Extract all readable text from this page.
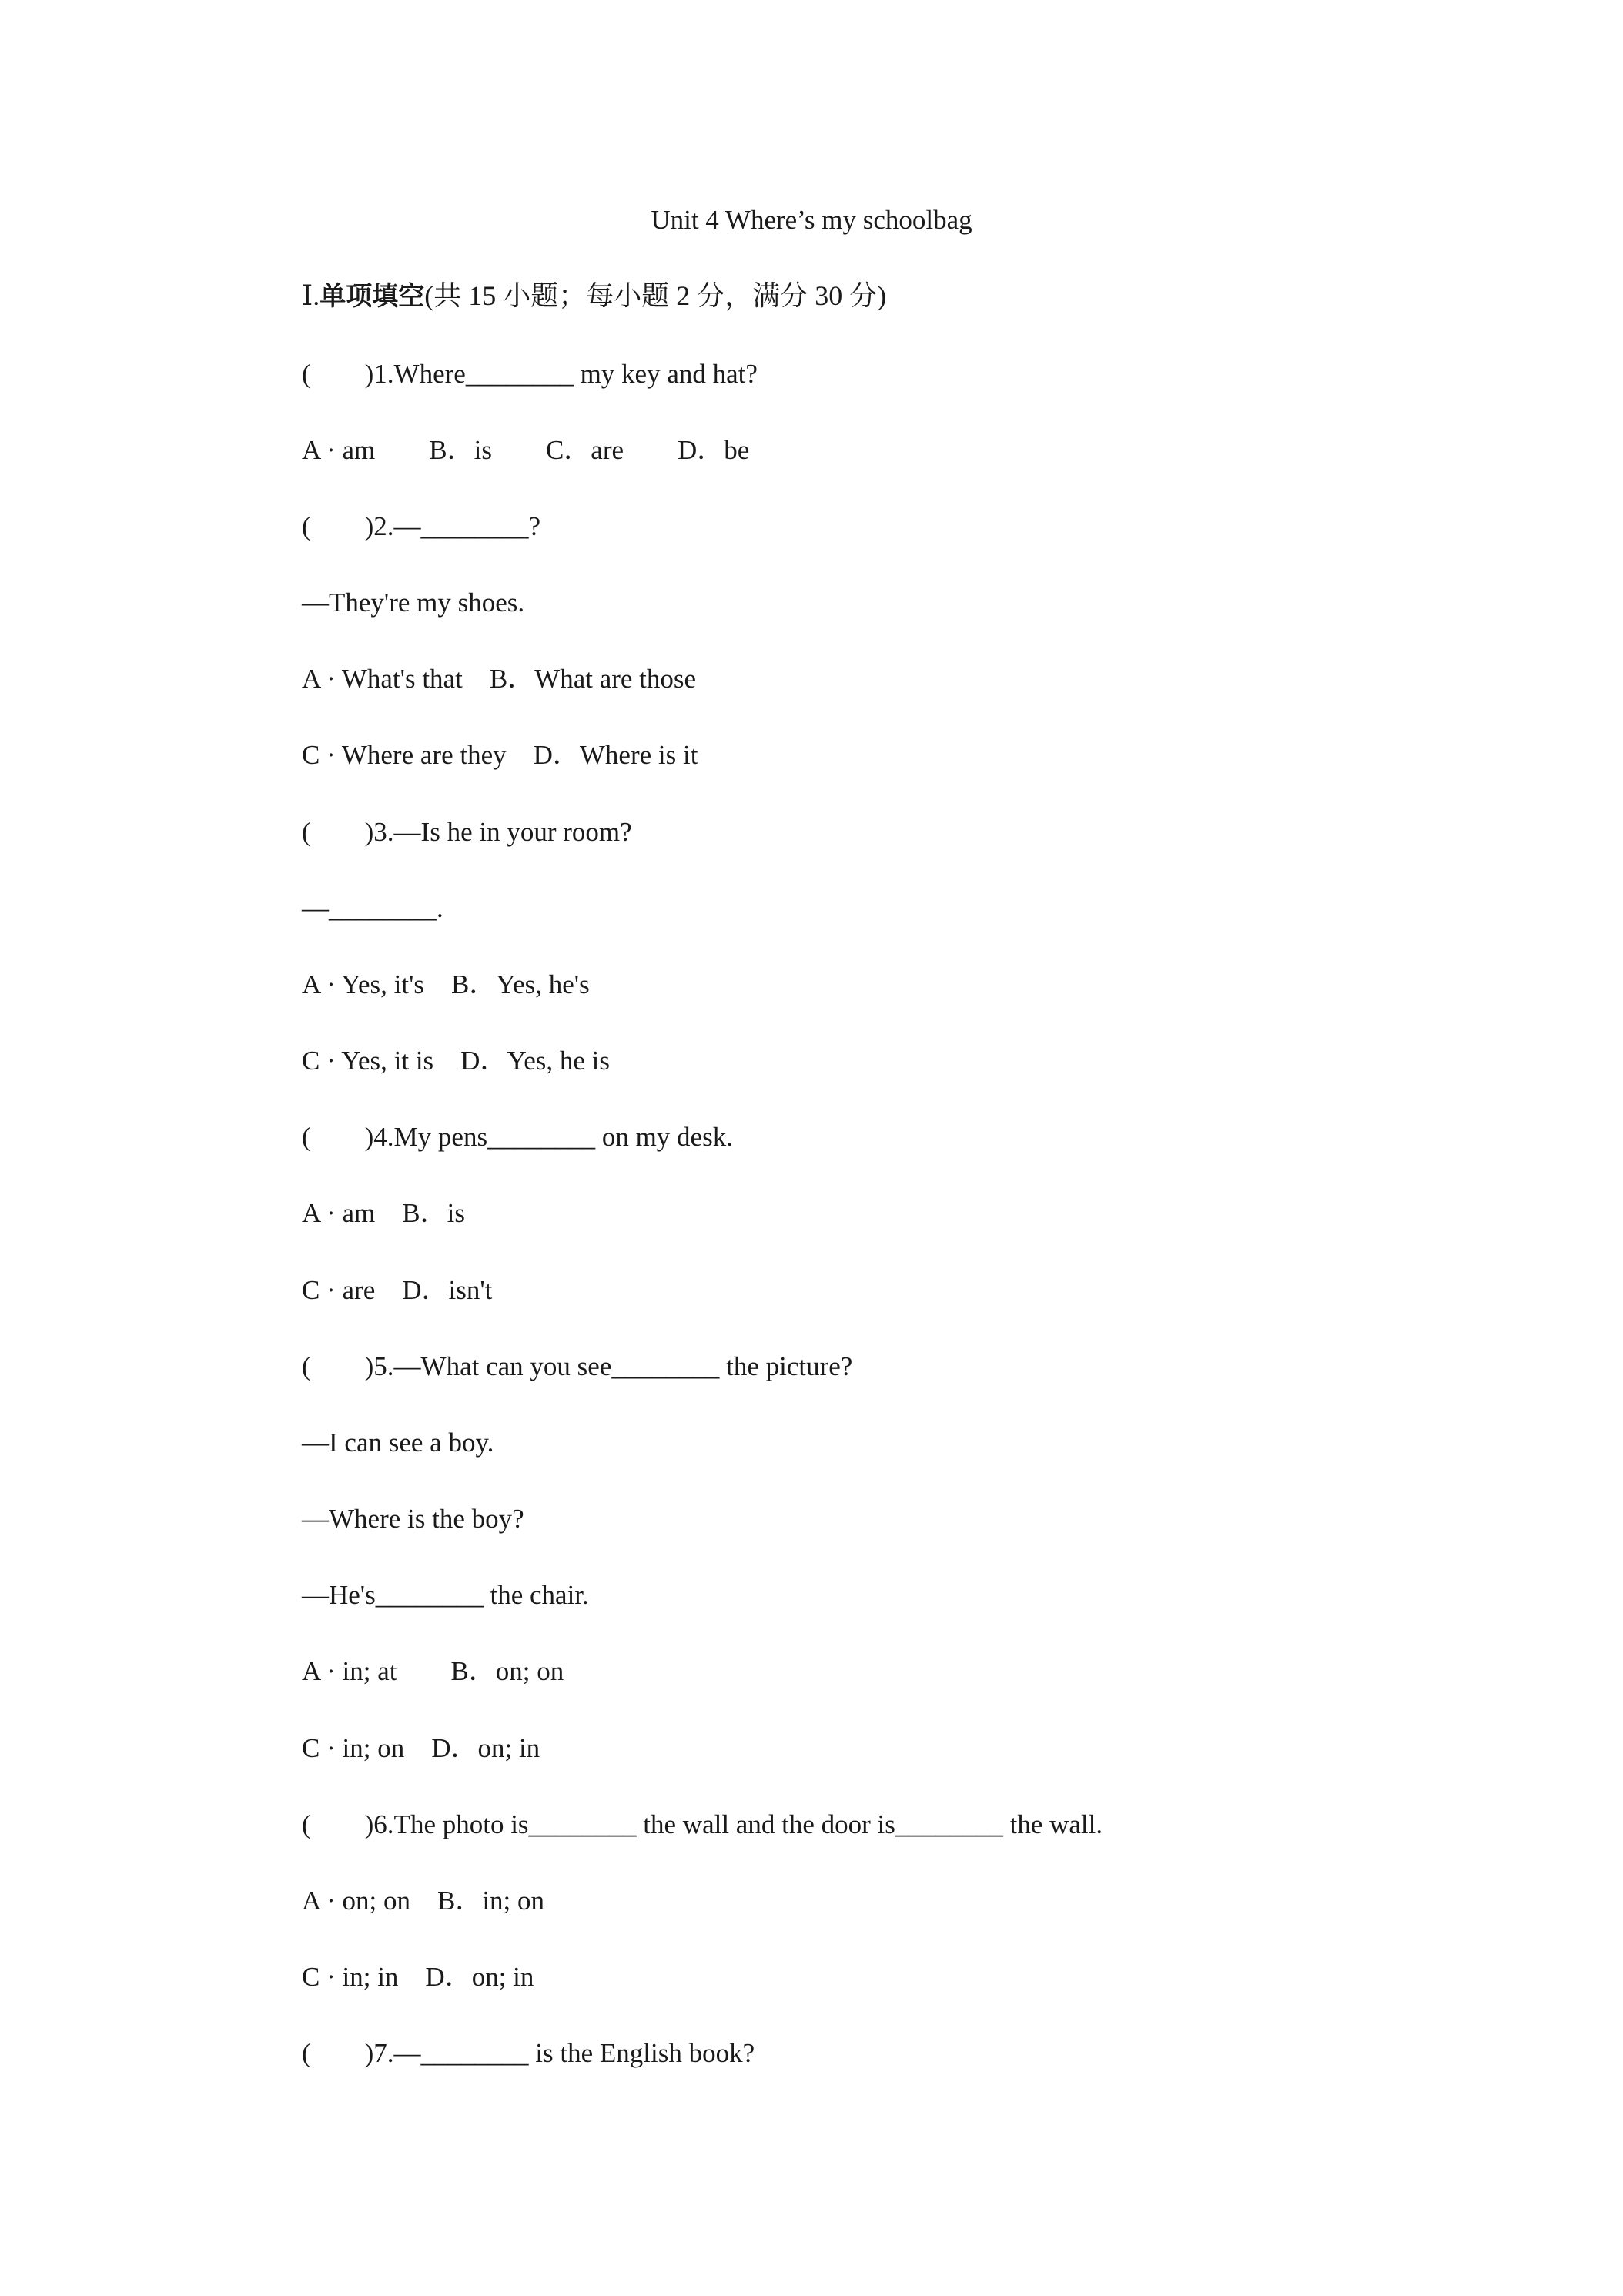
Unit 4 Where’s my schoolbag
Ⅰ.单项填空(共 15 小题；每小题 2 分，满分 30 分)
(　　)1.Where________ my key and hat?
A · am　　B．is　　C．are　　D．be
(　　)2.—________?
—They're my shoes.
A · What's that　B．What are those
C · Where are they　D．Where is it
(　　)3.—Is he in your room?
—________.
A · Yes, it's　B．Yes, he's
C · Yes, it is　D．Yes, he is
(　　)4.My pens________ on my desk.
A · am　B．is
C · are　D．isn't
(　　)5.—What can you see________ the picture?
—I can see a boy.
—Where is the boy?
—He's________ the chair.
A · in; at　　B．on; on
C · in; on　D．on; in
(　　)6.The photo is________ the wall and the door is________ the wall.
A · on; on　B．in; on
C · in; in　D．on; in
(　　)7.—________ is the English book?
